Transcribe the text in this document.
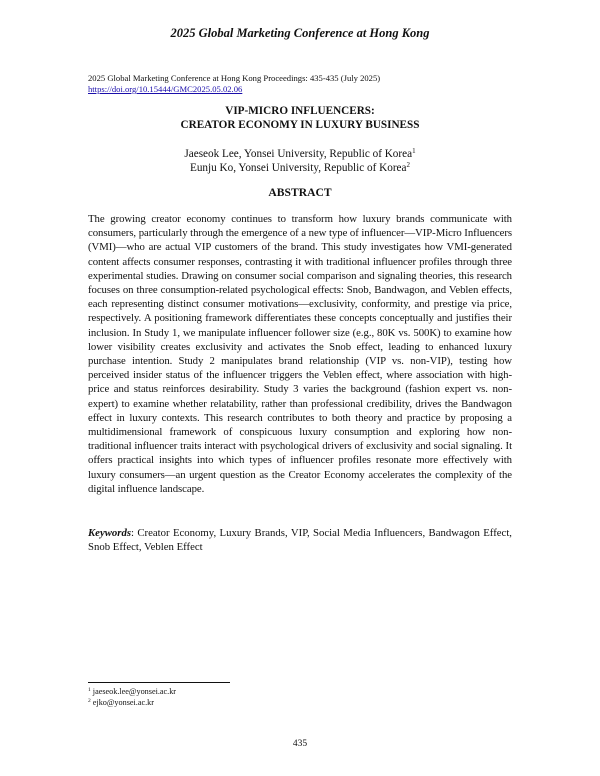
2025 Global Marketing Conference at Hong Kong
2025 Global Marketing Conference at Hong Kong Proceedings: 435-435 (July 2025)
https://doi.org/10.15444/GMC2025.05.02.06
VIP-MICRO INFLUENCERS:
CREATOR ECONOMY IN LUXURY BUSINESS
Jaeseok Lee, Yonsei University, Republic of Korea$^1$
Eunju Ko, Yonsei University, Republic of Korea$^2$
ABSTRACT

The growing creator economy continues to transform how luxury brands communicate with consumers, particularly through the emergence of a new type of influencer—VIP-Micro Influencers (VMI)—who are actual VIP customers of the brand. This study investigates how VMI-generated content affects consumer responses, contrasting it with traditional influencer profiles through three experimental studies. Drawing on consumer social comparison and signaling theories, this research focuses on three consumption-related psychological effects: Snob, Bandwagon, and Veblen effects, each representing distinct consumer motivations—exclusivity, conformity, and prestige via price, respectively. A positioning framework differentiates these concepts conceptually and justifies their inclusion. In Study 1, we manipulate influencer follower size (e.g., 80K vs. 500K) to examine how lower visibility creates exclusivity and activates the Snob effect, leading to enhanced luxury purchase intention. Study 2 manipulates brand relationship (VIP vs. non-VIP), testing how perceived insider status of the influencer triggers the Veblen effect, where association with high-price and status reinforces desirability. Study 3 varies the background (fashion expert vs. non-expert) to examine whether relatability, rather than professional credibility, drives the Bandwagon effect in luxury contexts. This research contributes to both theory and practice by proposing a multidimensional framework of conspicuous luxury consumption and exploring how non-traditional influencer traits interact with psychological drivers of exclusivity and social signaling. It offers practical insights into which types of influencer profiles resonate more effectively with luxury consumers—an urgent question as the Creator Economy accelerates the complexity of the digital influence landscape.

Keywords: Creator Economy, Luxury Brands, VIP, Social Media Influencers, Bandwagon Effect, Snob Effect, Veblen Effect

$^1$ jaeseok.lee@yonsei.ac.kr
$^2$ ejko@yonsei.ac.kr
435
